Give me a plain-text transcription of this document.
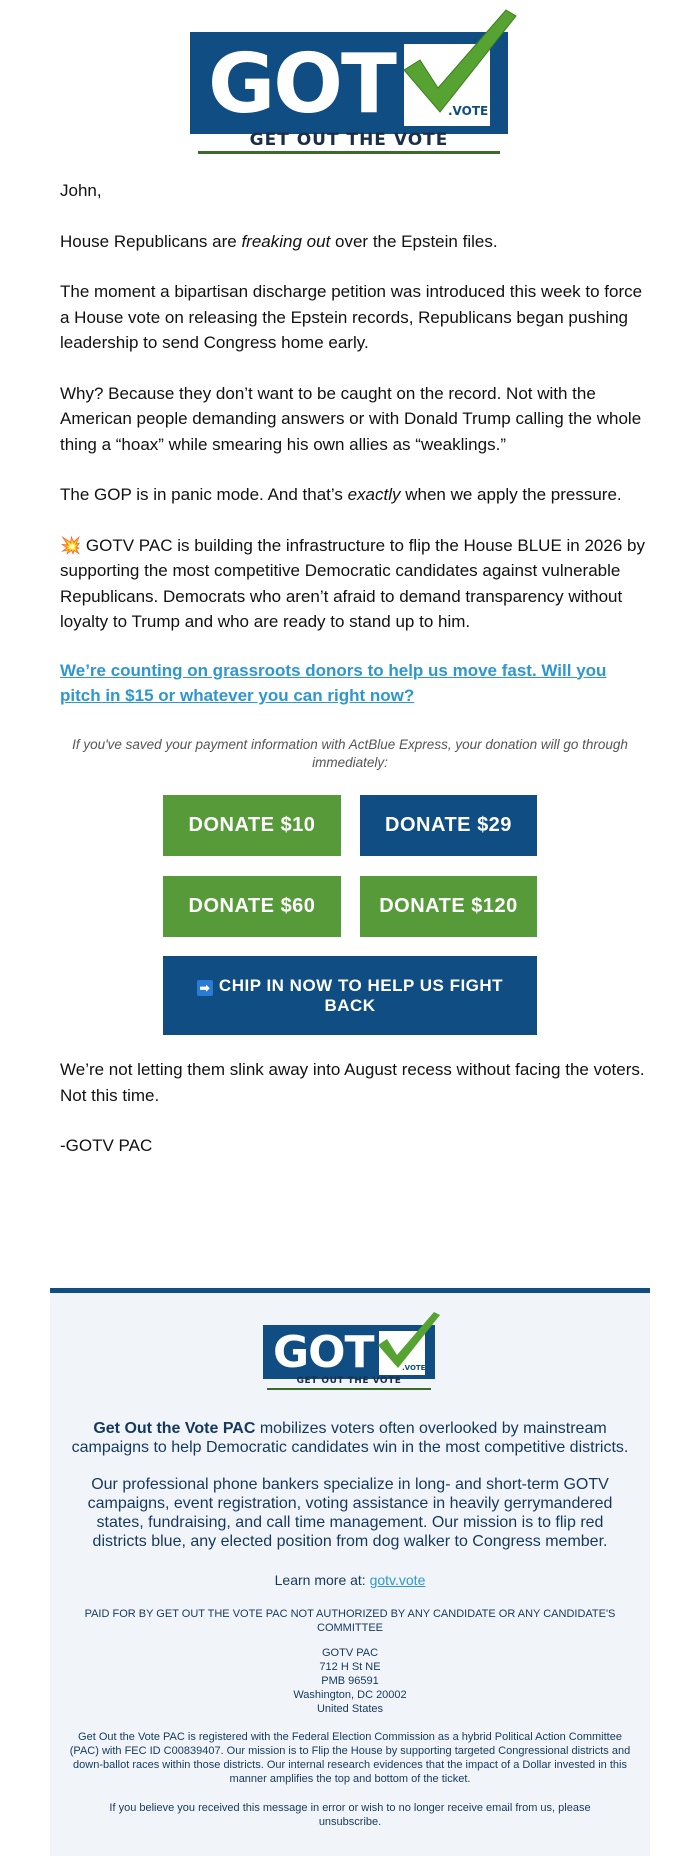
GOT	.VOTE
GET OUT THE VOTE

John,

House Republicans are freaking out over the Epstein files.

The moment a bipartisan discharge petition was introduced this week to force a House vote on releasing the Epstein records, Republicans began pushing leadership to send Congress home early.

Why? Because they don’t want to be caught on the record. Not with the American people demanding answers or with Donald Trump calling the whole thing a “hoax” while smearing his own allies as “weaklings.”

The GOP is in panic mode. And that’s exactly when we apply the pressure.

💥 GOTV PAC is building the infrastructure to flip the House BLUE in 2026 by supporting the most competitive Democratic candidates against vulnerable Republicans. Democrats who aren’t afraid to demand transparency without loyalty to Trump and who are ready to stand up to him.

We’re counting on grassroots donors to help us move fast. Will you pitch in $15 or whatever you can right now?

If you've saved your payment information with ActBlue Express, your donation will go through immediately:
DONATE $10	DONATE $29
DONATE $60	DONATE $120
➡ CHIP IN NOW TO HELP US FIGHT BACK

We’re not letting them slink away into August recess without facing the voters. Not this time.

-GOTV PAC

GOT	.VOTE
GET OUT THE VOTE
Get Out the Vote PAC mobilizes voters often overlooked by mainstream campaigns to help Democratic candidates win in the most competitive districts.
Our professional phone bankers specialize in long- and short-term GOTV campaigns, event registration, voting assistance in heavily gerrymandered states, fundraising, and call time management. Our mission is to flip red districts blue, any elected position from dog walker to Congress member.
Learn more at: gotv.vote
PAID FOR BY GET OUT THE VOTE PAC NOT AUTHORIZED BY ANY CANDIDATE OR ANY CANDIDATE'S COMMITTEE
GOTV PAC
712 H St NE
PMB 96591
Washington, DC 20002
United States
Get Out the Vote PAC is registered with the Federal Election Commission as a hybrid Political Action Committee (PAC) with FEC ID C00839407. Our mission is to Flip the House by supporting targeted Congressional districts and down-ballot races within those districts. Our internal research evidences that the impact of a Dollar invested in this manner amplifies the top and bottom of the ticket.
If you believe you received this message in error or wish to no longer receive email from us, please unsubscribe.
